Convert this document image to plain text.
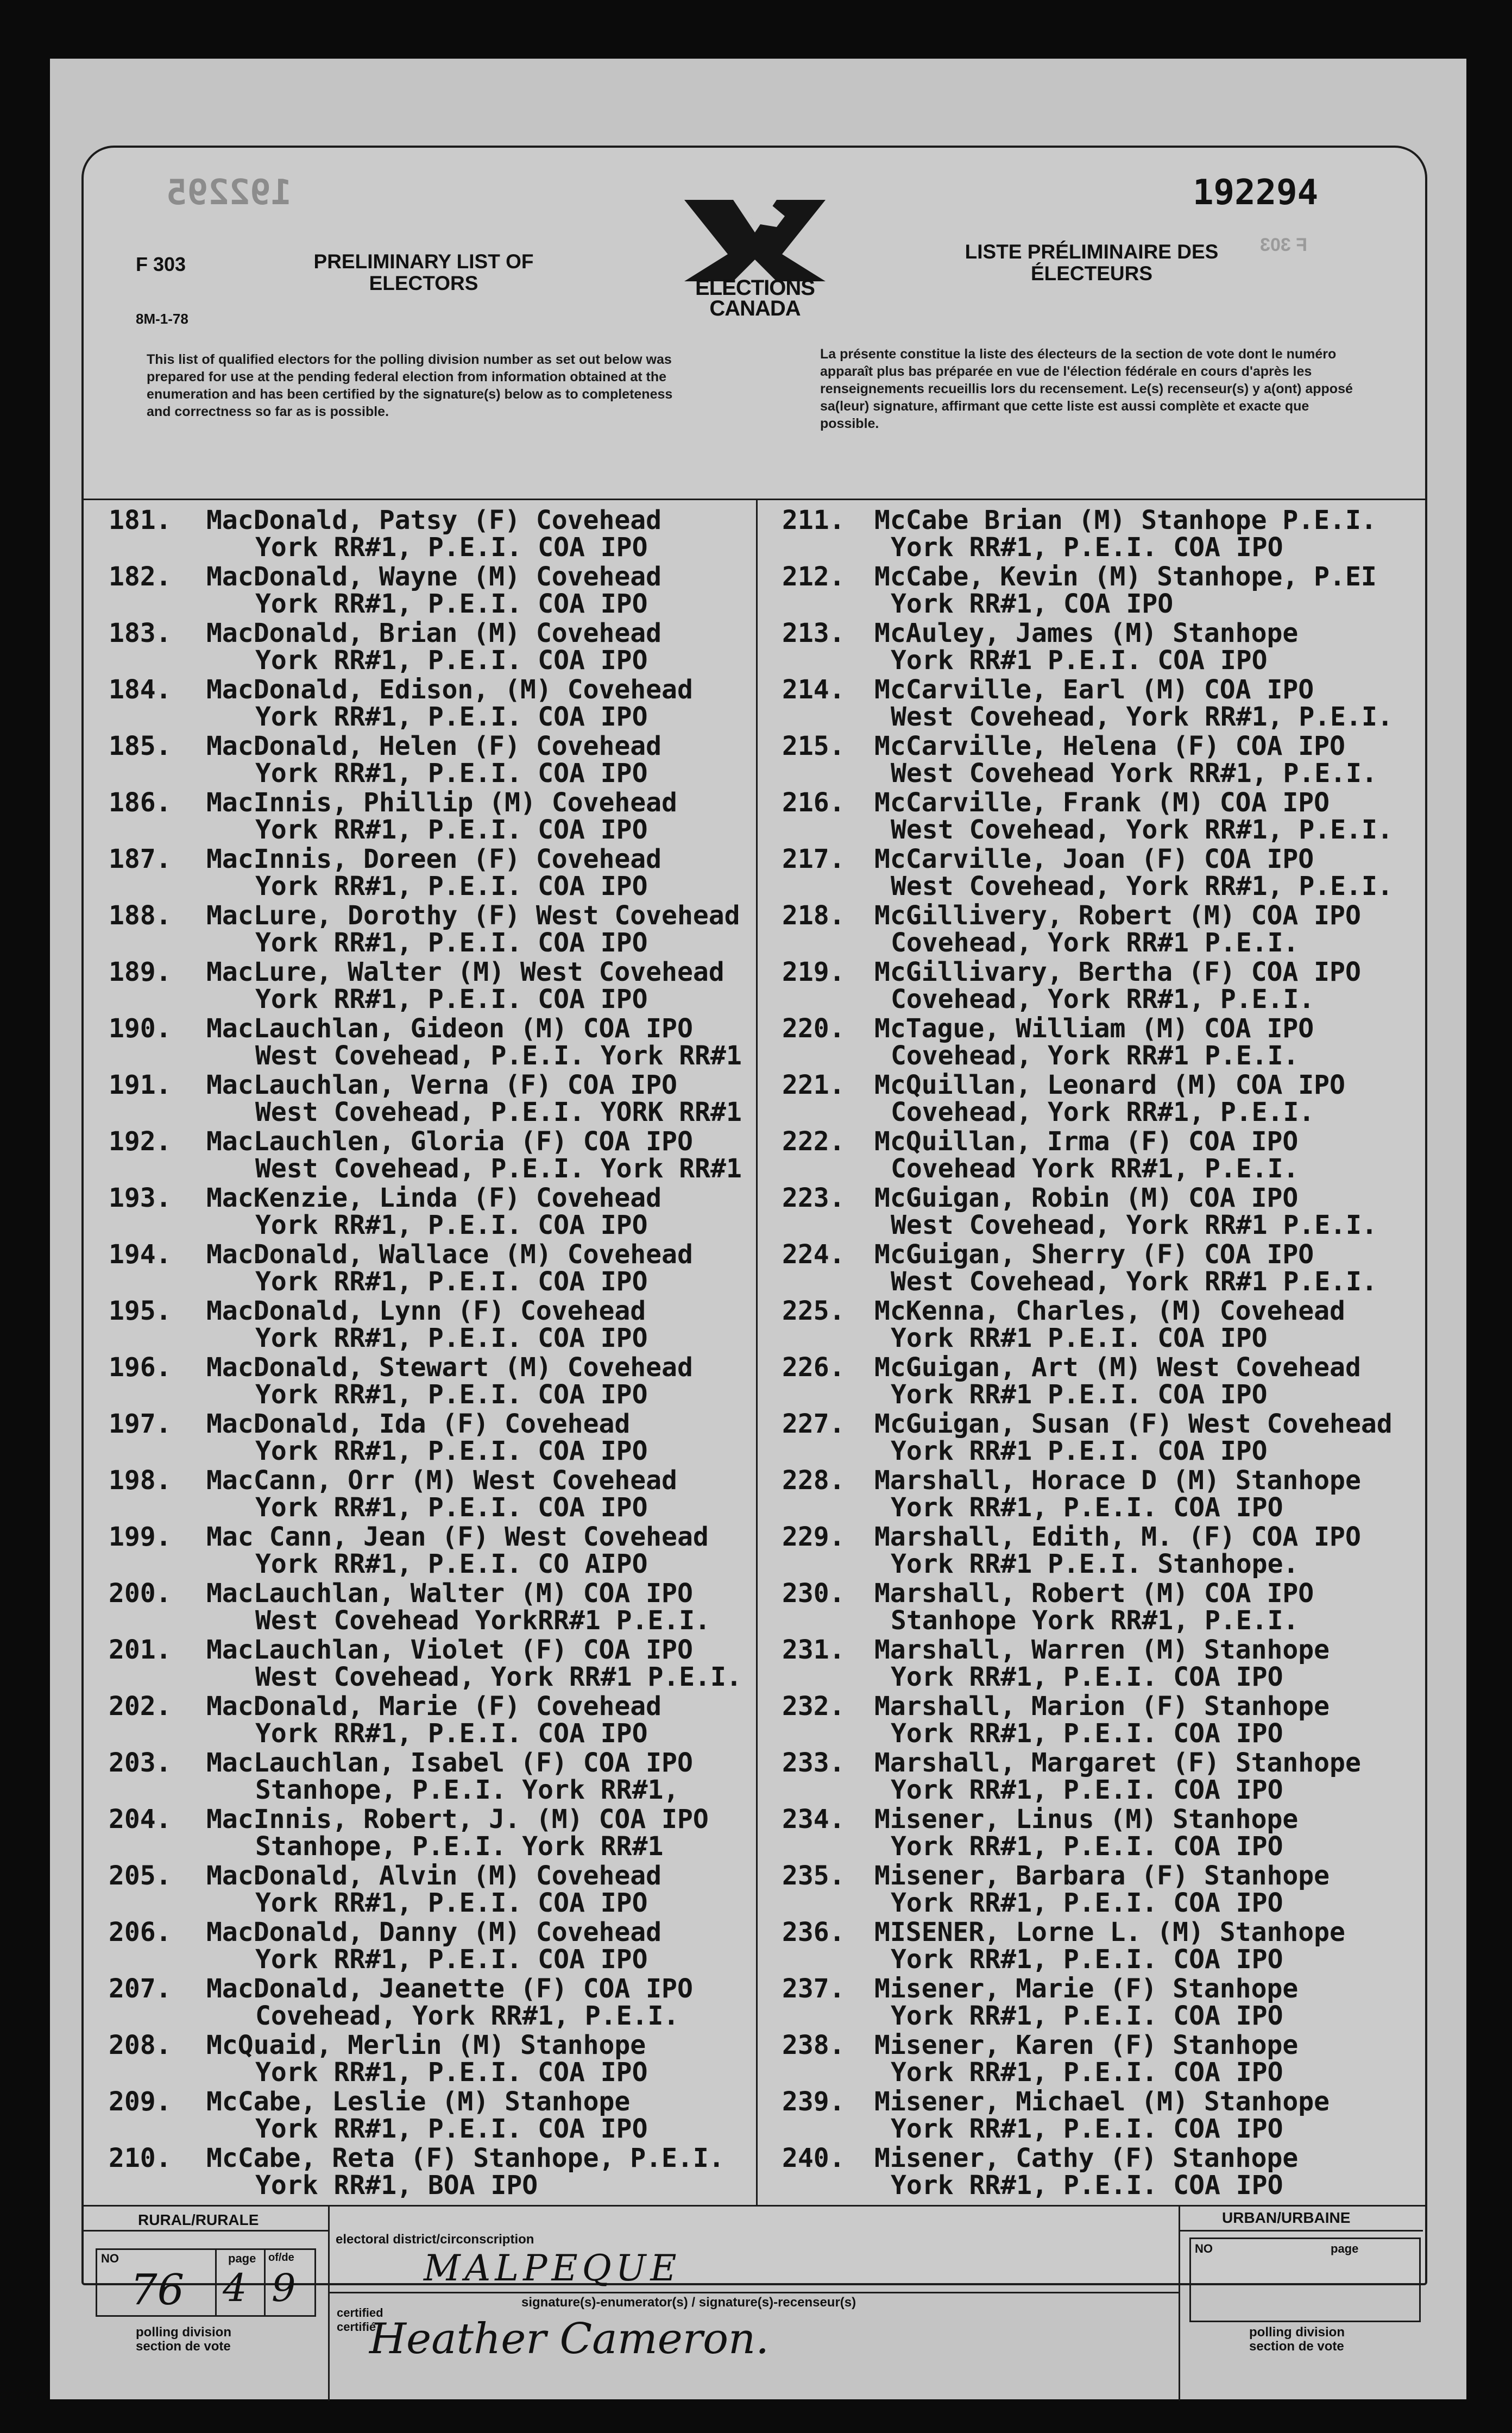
192295	192294
F 303
F 303
8M-1-78
PRELIMINARY LIST OF
ELECTORS
LISTE PRÉLIMINAIRE DES
ÉLECTEURS
ELECTIONS
CANADA
This list of qualified electors for the polling division number as set out below was prepared for use at the pending federal election from information obtained at the enumeration and has been certified by the signature(s) below as to completeness and correctness so far as is possible.
La présente constitue la liste des électeurs de la section de vote dont le numéro apparaît plus bas préparée en vue de l'élection fédérale en cours d'après les renseignements recueillis lors du recensement. Le(s) recenseur(s) y a(ont) apposé sa(leur) signature, affirmant que cette liste est aussi complète et exacte que possible.
181. MacDonald, Patsy (F) Covehead
York RR#1, P.E.I. COA IPO
182. MacDonald, Wayne (M) Covehead
York RR#1, P.E.I. COA IPO
183. MacDonald, Brian (M) Covehead
York RR#1, P.E.I. COA IPO
184. MacDonald, Edison, (M) Covehead
York RR#1, P.E.I. COA IPO
185. MacDonald, Helen (F) Covehead
York RR#1, P.E.I. COA IPO
186. MacInnis, Phillip (M) Covehead
York RR#1, P.E.I. COA IPO
187. MacInnis, Doreen (F) Covehead
York RR#1, P.E.I. COA IPO
188. MacLure, Dorothy (F) West Covehead
York RR#1, P.E.I. COA IPO
189. MacLure, Walter (M) West Covehead
York RR#1, P.E.I. COA IPO
190. MacLauchlan, Gideon (M) COA IPO
West Covehead, P.E.I. York RR#1
191. MacLauchlan, Verna (F) COA IPO
West Covehead, P.E.I. YORK RR#1
192. MacLauchlen, Gloria (F) COA IPO
West Covehead, P.E.I. York RR#1
193. MacKenzie, Linda (F) Covehead
York RR#1, P.E.I. COA IPO
194. MacDonald, Wallace (M) Covehead
York RR#1, P.E.I. COA IPO
195. MacDonald, Lynn (F) Covehead
York RR#1, P.E.I. COA IPO
196. MacDonald, Stewart (M) Covehead
York RR#1, P.E.I. COA IPO
197. MacDonald, Ida (F) Covehead
York RR#1, P.E.I. COA IPO
198. MacCann, Orr (M) West Covehead
York RR#1, P.E.I. COA IPO
199. Mac Cann, Jean (F) West Covehead
York RR#1, P.E.I. CO AIPO
200. MacLauchlan, Walter (M) COA IPO
West Covehead YorkRR#1 P.E.I.
201. MacLauchlan, Violet (F) COA IPO
West Covehead, York RR#1 P.E.I.
202. MacDonald, Marie (F) Covehead
York RR#1, P.E.I. COA IPO
203. MacLauchlan, Isabel (F) COA IPO
Stanhope, P.E.I. York RR#1,
204. MacInnis, Robert, J. (M) COA IPO
Stanhope, P.E.I. York RR#1
205. MacDonald, Alvin (M) Covehead
York RR#1, P.E.I. COA IPO
206. MacDonald, Danny (M) Covehead
York RR#1, P.E.I. COA IPO
207. MacDonald, Jeanette (F) COA IPO
Covehead, York RR#1, P.E.I.
208. McQuaid, Merlin (M) Stanhope
York RR#1, P.E.I. COA IPO
209. McCabe, Leslie (M) Stanhope
York RR#1, P.E.I. COA IPO
210. McCabe, Reta (F) Stanhope, P.E.I.
York RR#1, BOA IPO
211. McCabe Brian (M) Stanhope P.E.I.
York RR#1, P.E.I. COA IPO
212. McCabe, Kevin (M) Stanhope, P.EI
York RR#1, COA IPO
213. McAuley, James (M) Stanhope
York RR#1 P.E.I. COA IPO
214. McCarville, Earl (M) COA IPO
West Covehead, York RR#1, P.E.I.
215. McCarville, Helena (F) COA IPO
West Covehead York RR#1, P.E.I.
216. McCarville, Frank (M) COA IPO
West Covehead, York RR#1, P.E.I.
217. McCarville, Joan (F) COA IPO
West Covehead, York RR#1, P.E.I.
218. McGillivery, Robert (M) COA IPO
Covehead, York RR#1 P.E.I.
219. McGillivary, Bertha (F) COA IPO
Covehead, York RR#1, P.E.I.
220. McTague, William (M) COA IPO
Covehead, York RR#1 P.E.I.
221. McQuillan, Leonard (M) COA IPO
Covehead, York RR#1, P.E.I.
222. McQuillan, Irma (F) COA IPO
Covehead York RR#1, P.E.I.
223. McGuigan, Robin (M) COA IPO
West Covehead, York RR#1 P.E.I.
224. McGuigan, Sherry (F) COA IPO
West Covehead, York RR#1 P.E.I.
225. McKenna, Charles, (M) Covehead
York RR#1 P.E.I. COA IPO
226. McGuigan, Art (M) West Covehead
York RR#1 P.E.I. COA IPO
227. McGuigan, Susan (F) West Covehead
York RR#1 P.E.I. COA IPO
228. Marshall, Horace D (M) Stanhope
York RR#1, P.E.I. COA IPO
229. Marshall, Edith, M. (F) COA IPO
York RR#1 P.E.I. Stanhope.
230. Marshall, Robert (M) COA IPO
Stanhope York RR#1, P.E.I.
231. Marshall, Warren (M) Stanhope
York RR#1, P.E.I. COA IPO
232. Marshall, Marion (F) Stanhope
York RR#1, P.E.I. COA IPO
233. Marshall, Margaret (F) Stanhope
York RR#1, P.E.I. COA IPO
234. Misener, Linus (M) Stanhope
York RR#1, P.E.I. COA IPO
235. Misener, Barbara (F) Stanhope
York RR#1, P.E.I. COA IPO
236. MISENER, Lorne L. (M) Stanhope
York RR#1, P.E.I. COA IPO
237. Misener, Marie (F) Stanhope
York RR#1, P.E.I. COA IPO
238. Misener, Karen (F) Stanhope
York RR#1, P.E.I. COA IPO
239. Misener, Michael (M) Stanhope
York RR#1, P.E.I. COA IPO
240. Misener, Cathy (F) Stanhope
York RR#1, P.E.I. COA IPO
RURAL/RURALE	URBAN/URBAINE
electoral district/circonscription
MALPEQUE
signature(s)-enumerator(s) / signature(s)-recenseur(s)
certified
certifié
Heather Cameron.
NO	page of/de
76 4 9
polling division
section de vote
NO	page
polling division
section de vote
